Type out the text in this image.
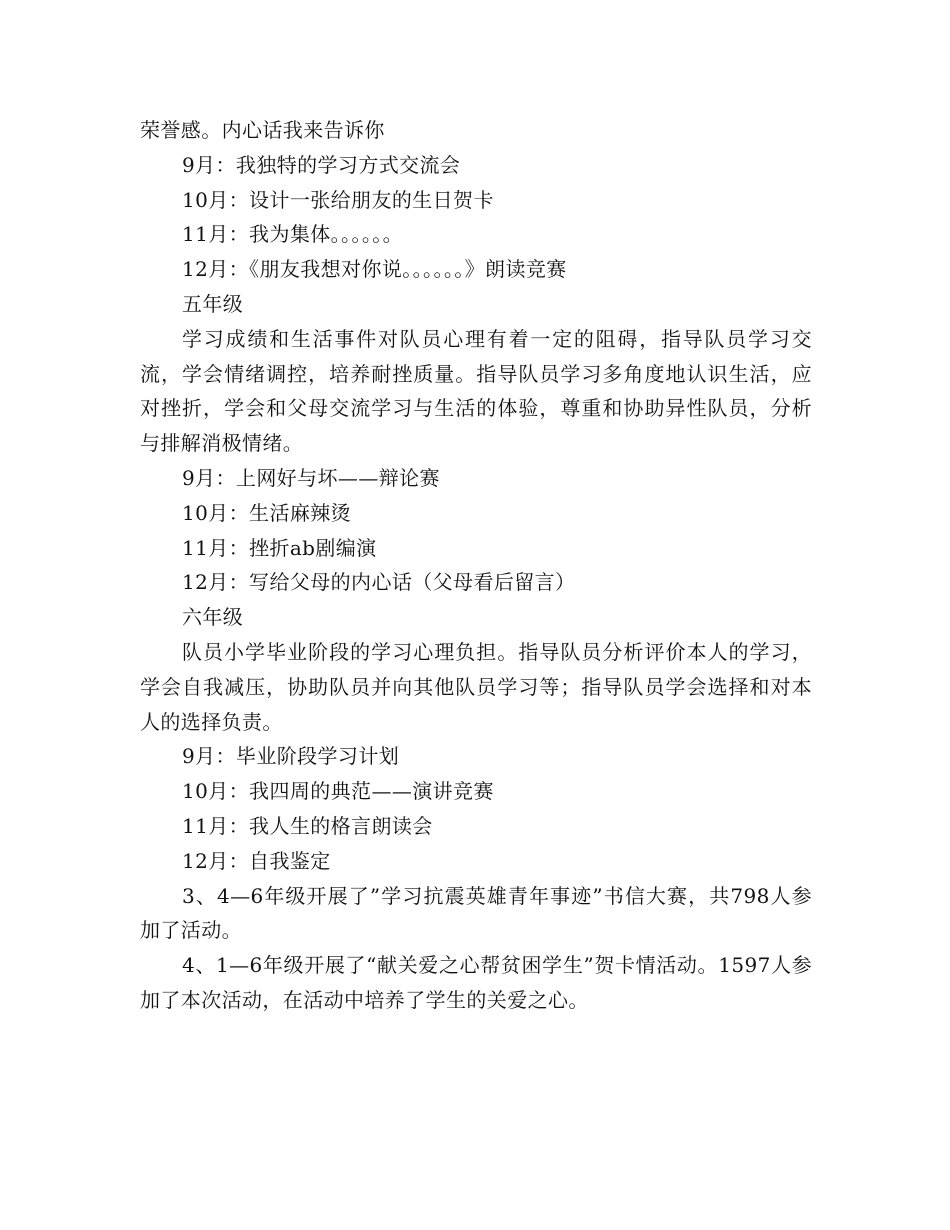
荣誉感。内心话我来告诉你

9月：我独特的学习方式交流会

10月：设计一张给朋友的生日贺卡

11月：我为集体。。。。。。

12月：《朋友我想对你说。。。。。。》朗读竞赛

五年级

学习成绩和生活事件对队员心理有着一定的阻碍，指导队员学习交流，学会情绪调控，培养耐挫质量。指导队员学习多角度地认识生活，应对挫折，学会和父母交流学习与生活的体验，尊重和协助异性队员，分析与排解消极情绪。

9月：上网好与坏——辩论赛

10月：生活麻辣烫

11月：挫折ab剧编演

12月：写给父母的内心话（父母看后留言）

六年级

队员小学毕业阶段的学习心理负担。指导队员分析评价本人的学习，学会自我减压，协助队员并向其他队员学习等；指导队员学会选择和对本人的选择负责。

9月：毕业阶段学习计划

10月：我四周的典范——演讲竞赛

11月：我人生的格言朗读会

12月：自我鉴定

3、4—6年级开展了”学习抗震英雄青年事迹”书信大赛，共798人参加了活动。

4、1—6年级开展了“献关爱之心帮贫困学生”贺卡情活动。1597人参加了本次活动，在活动中培养了学生的关爱之心。
